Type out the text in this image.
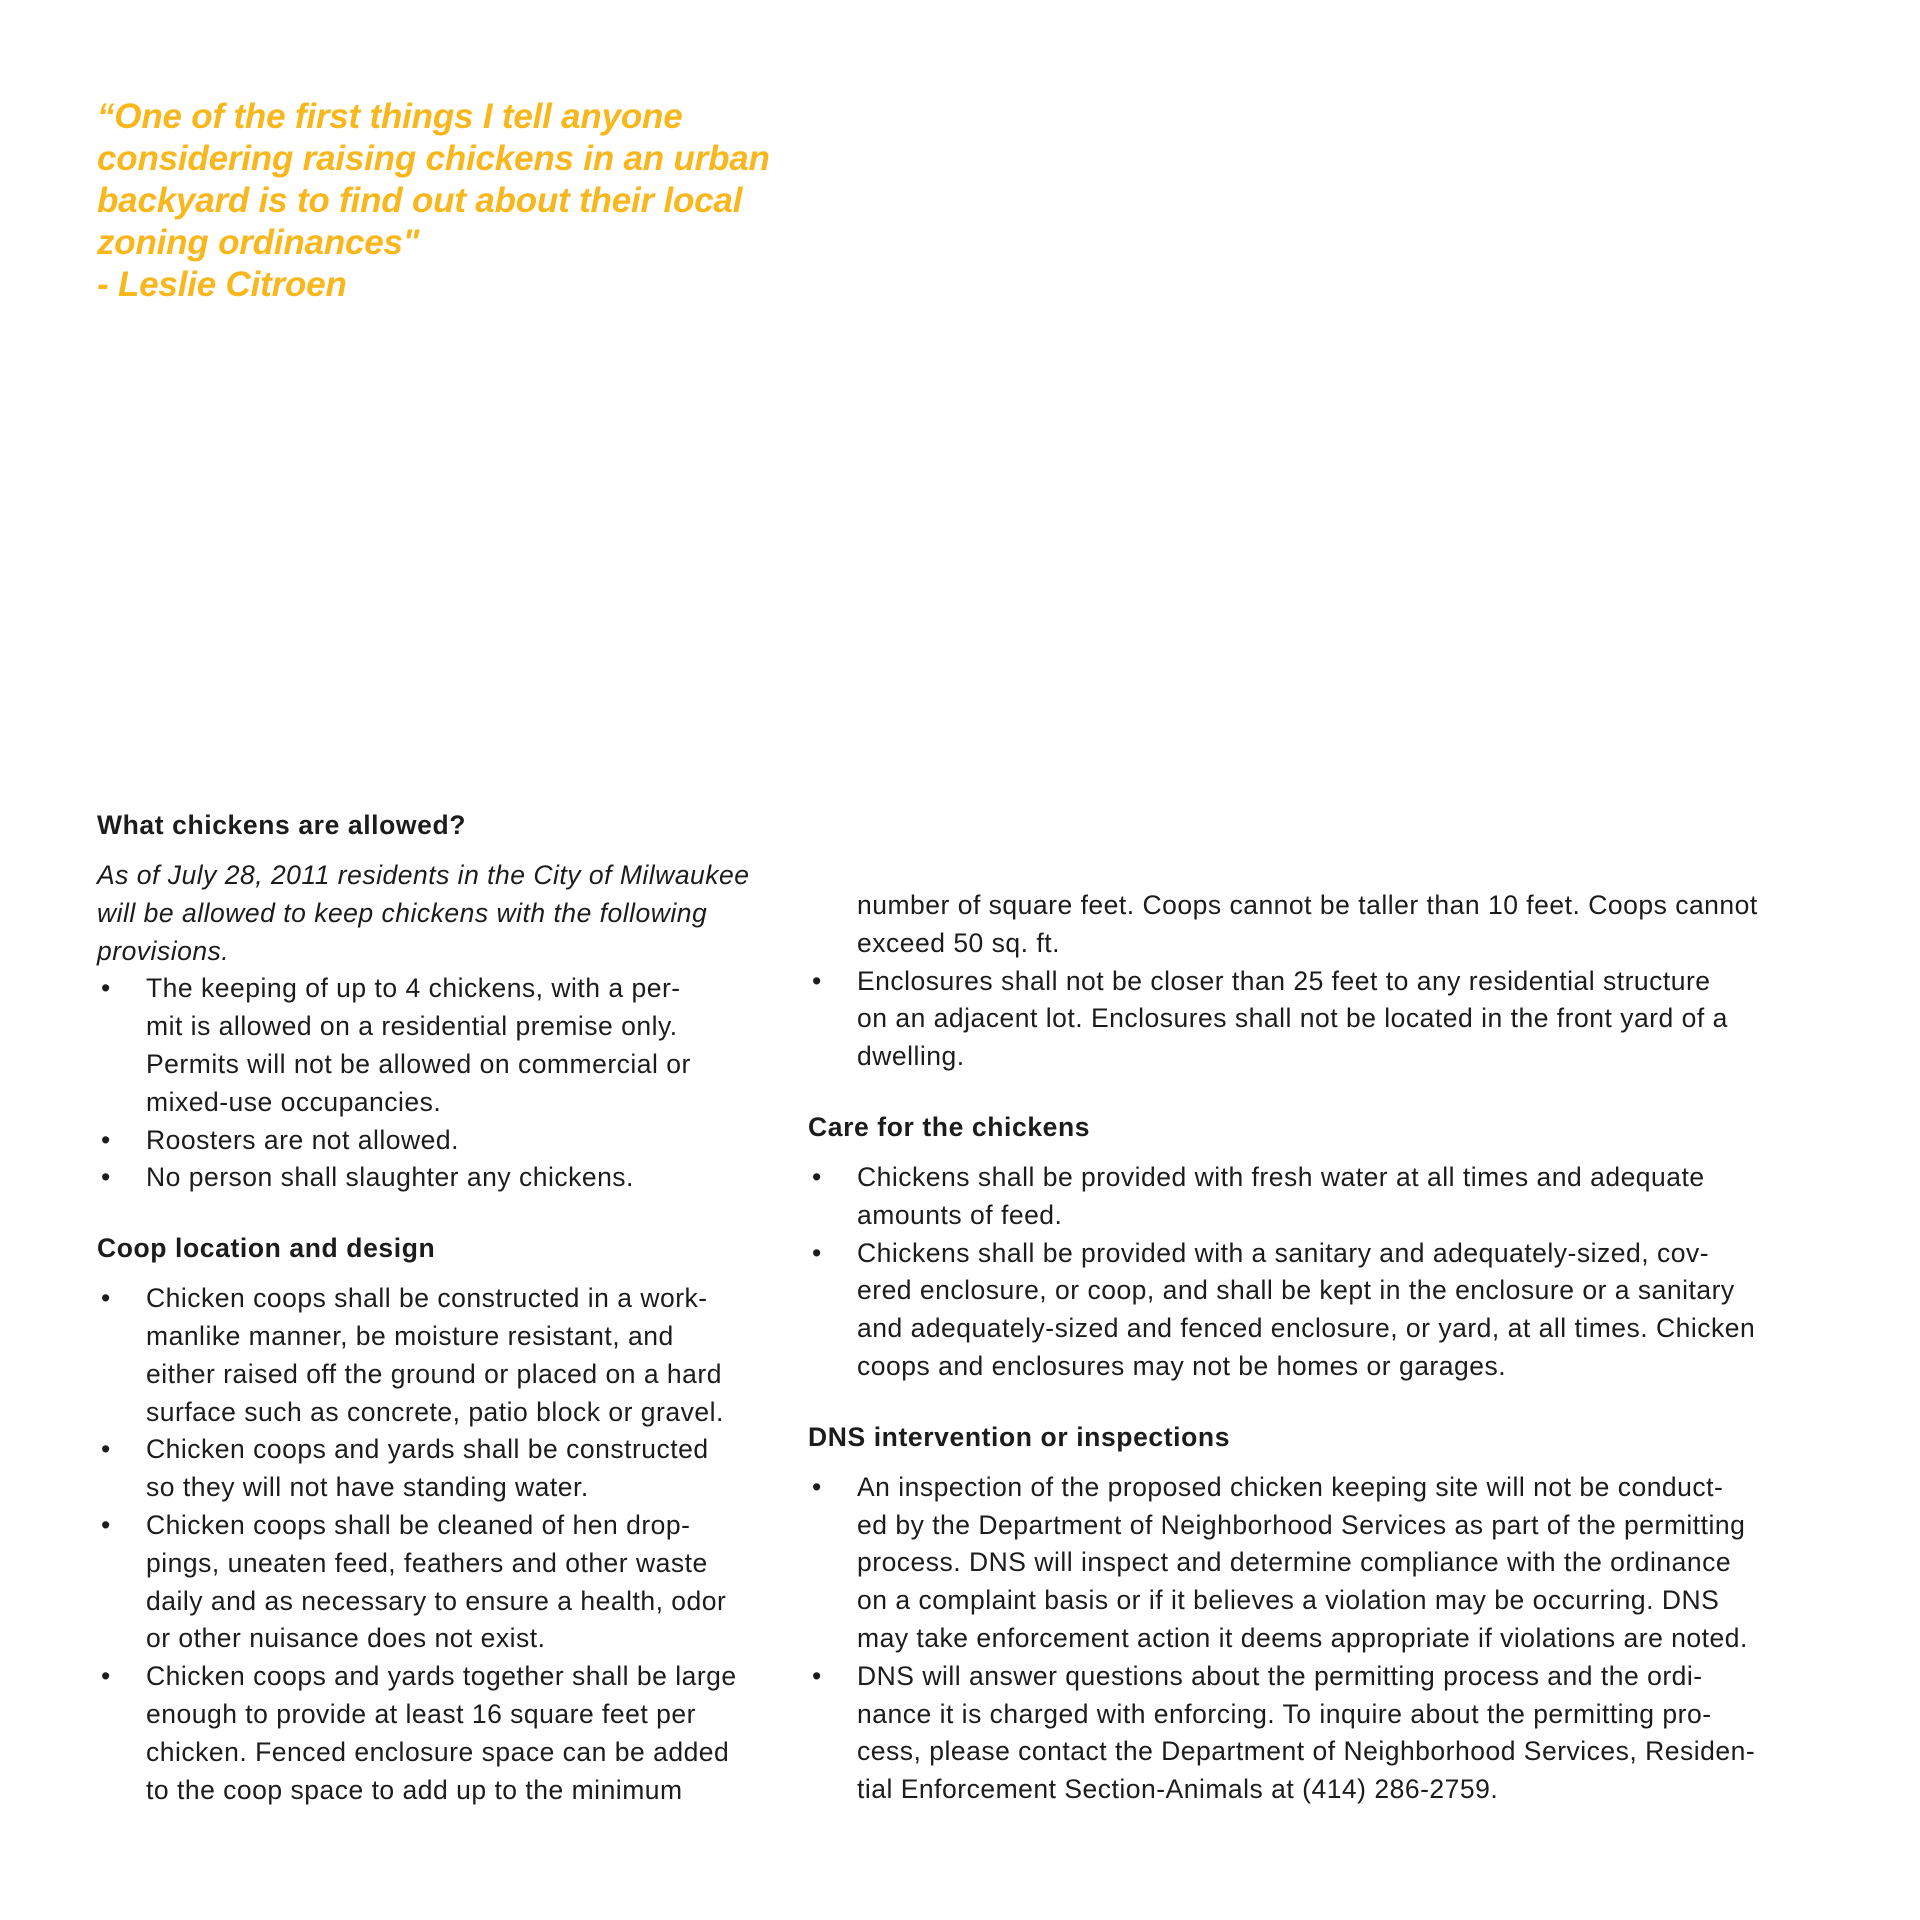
“One of the first things I tell anyone
considering raising chickens in an urban
backyard is to find out about their local
zoning ordinances"
- Leslie Citroen

What chickens are allowed?

As of July 28, 2011 residents in the City of Milwaukee
will be allowed to keep chickens with the following
provisions.

• The keeping of up to 4 chickens, with a per-
mit is allowed on a residential premise only.
Permits will not be allowed on commercial or
mixed-use occupancies.
• Roosters are not allowed.
• No person shall slaughter any chickens.
Coop location and design
• Chicken coops shall be constructed in a work-
manlike manner, be moisture resistant, and
either raised off the ground or placed on a hard
surface such as concrete, patio block or gravel.
• Chicken coops and yards shall be constructed
so they will not have standing water.
• Chicken coops shall be cleaned of hen drop-
pings, uneaten feed, feathers and other waste
daily and as necessary to ensure a health, odor
or other nuisance does not exist.
• Chicken coops and yards together shall be large
enough to provide at least 16 square feet per
chicken. Fenced enclosure space can be added
to the coop space to add up to the minimum
number of square feet. Coops cannot be taller than 10 feet. Coops cannot
exceed 50 sq. ft.
• Enclosures shall not be closer than 25 feet to any residential structure
on an adjacent lot. Enclosures shall not be located in the front yard of a
dwelling.
Care for the chickens
• Chickens shall be provided with fresh water at all times and adequate
amounts of feed.
• Chickens shall be provided with a sanitary and adequately-sized, cov-
ered enclosure, or coop, and shall be kept in the enclosure or a sanitary
and adequately-sized and fenced enclosure, or yard, at all times. Chicken
coops and enclosures may not be homes or garages.
DNS intervention or inspections
• An inspection of the proposed chicken keeping site will not be conduct-
ed by the Department of Neighborhood Services as part of the permitting
process. DNS will inspect and determine compliance with the ordinance
on a complaint basis or if it believes a violation may be occurring. DNS
may take enforcement action it deems appropriate if violations are noted.
• DNS will answer questions about the permitting process and the ordi-
nance it is charged with enforcing. To inquire about the permitting pro-
cess, please contact the Department of Neighborhood Services, Residen-
tial Enforcement Section-Animals at (414) 286-2759.
